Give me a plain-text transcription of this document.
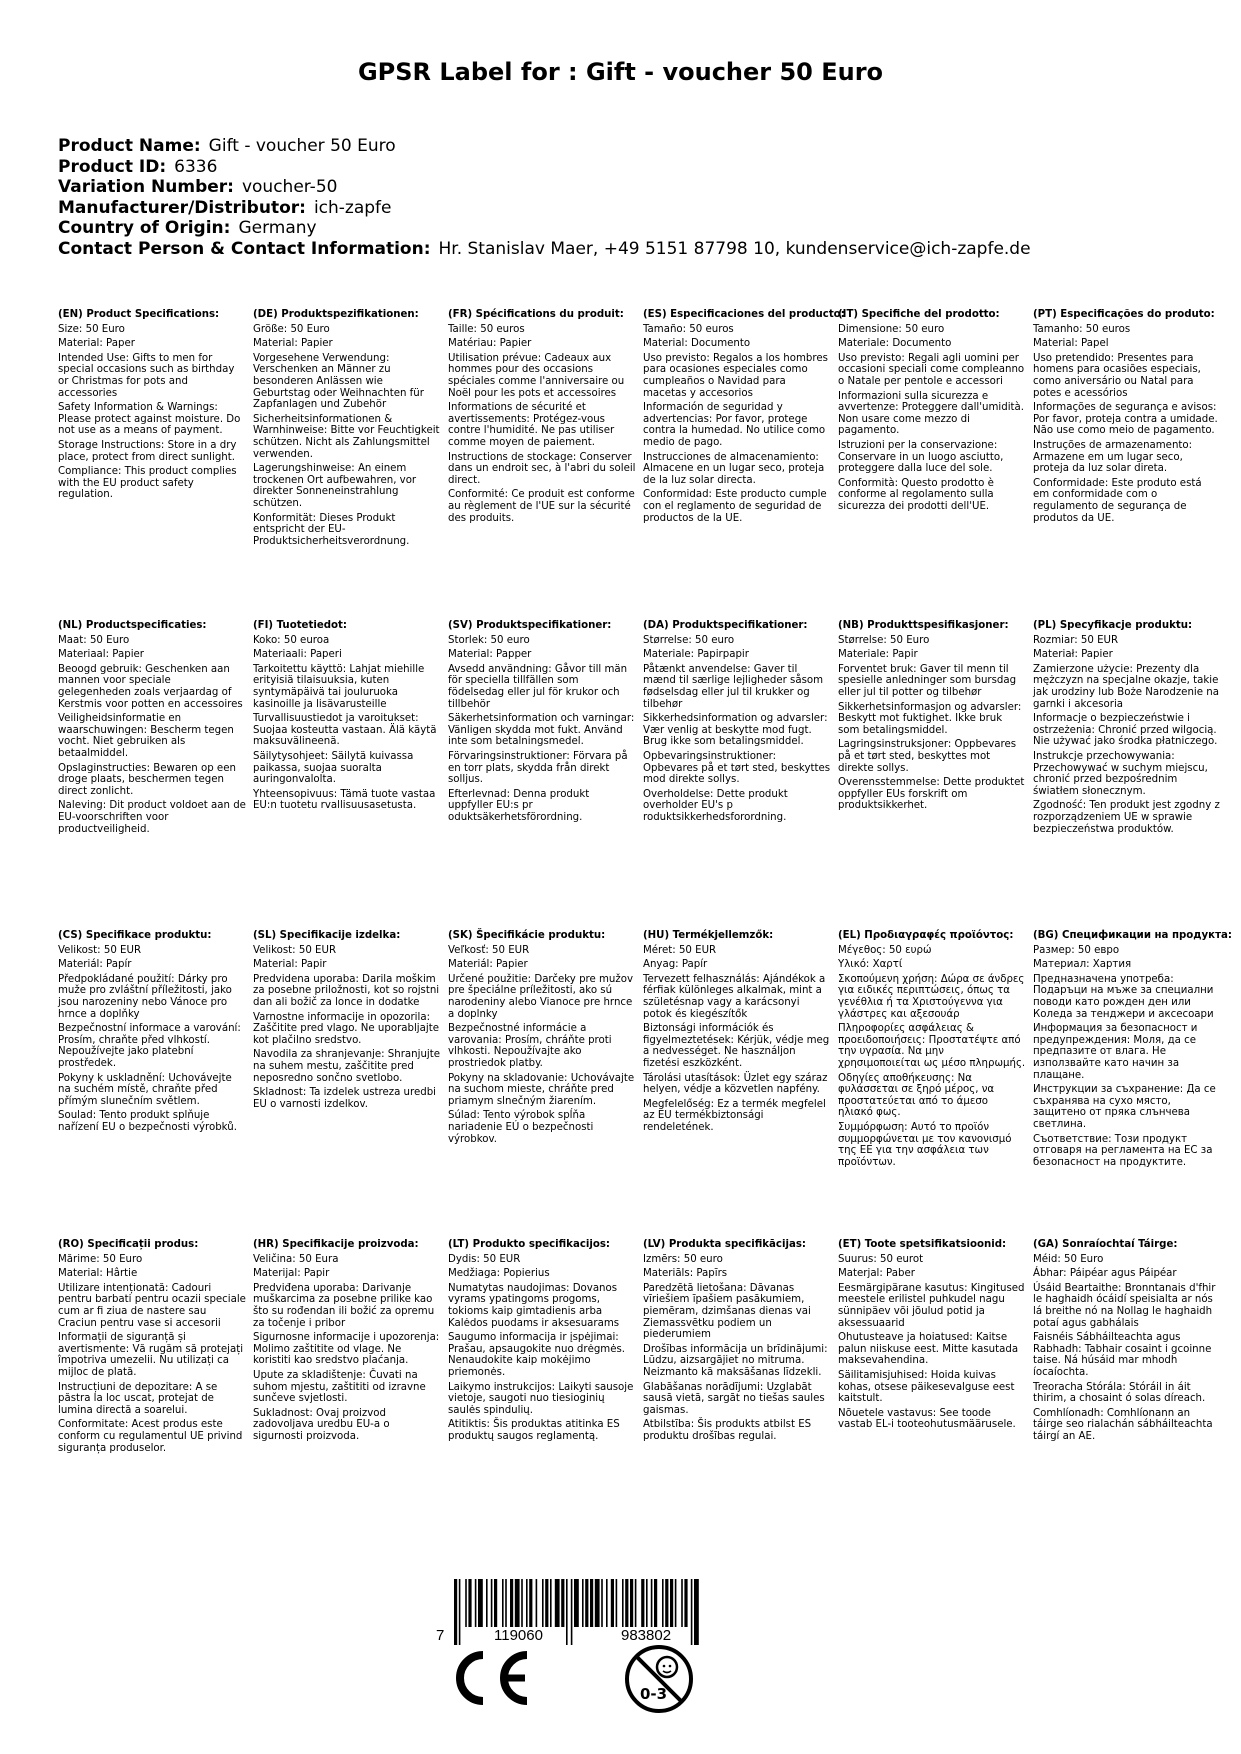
GPSR Label for : Gift - voucher 50 Euro
Product Name: Gift - voucher 50 Euro
Product ID: 6336
Variation Number: voucher-50
Manufacturer/Distributor: ich-zapfe
Country of Origin: Germany
Contact Person & Contact Information: Hr. Stanislav Maer, +49 5151 87798 10, kundenservice@ich-zapfe.de
(EN) Product Specifications:
Size: 50 Euro
Material: Paper
Intended Use: Gifts to men for special occasions such as birthday or Christmas for pots and accessories
Safety Information & Warnings: Please protect against moisture. Do not use as a means of payment.
Storage Instructions: Store in a dry place, protect from direct sunlight.
Compliance: This product complies with the EU product safety regulation.
(DE) Produktspezifikationen:
Größe: 50 Euro
Material: Papier
Vorgesehene Verwendung: Verschenken an Männer zu besonderen Anlässen wie Geburtstag oder Weihnachten für Zapfanlagen und Zubehör
Sicherheitsinformationen & Warnhinweise: Bitte vor Feuchtigkeit schützen. Nicht als Zahlungsmittel verwenden.
Lagerungshinweise: An einem trockenen Ort aufbewahren, vor direkter Sonneneinstrahlung schützen.
Konformität: Dieses Produkt entspricht der EU-Produktsicherheitsverordnung.
(FR) Spécifications du produit:
Taille: 50 euros
Matériau: Papier
Utilisation prévue: Cadeaux aux hommes pour des occasions spéciales comme l'anniversaire ou Noël pour les pots et accessoires
Informations de sécurité et avertissements: Protégez-vous contre l'humidité. Ne pas utiliser comme moyen de paiement.
Instructions de stockage: Conserver dans un endroit sec, à l'abri du soleil direct.
Conformité: Ce produit est conforme au règlement de l'UE sur la sécurité des produits.
(ES) Especificaciones del producto:
Tamaño: 50 euros
Material: Documento
Uso previsto: Regalos a los hombres para ocasiones especiales como cumpleaños o Navidad para macetas y accesorios
Información de seguridad y advertencias: Por favor, protege contra la humedad. No utilice como medio de pago.
Instrucciones de almacenamiento: Almacene en un lugar seco, proteja de la luz solar directa.
Conformidad: Este producto cumple con el reglamento de seguridad de productos de la UE.
(IT) Specifiche del prodotto:
Dimensione: 50 euro
Materiale: Documento
Uso previsto: Regali agli uomini per occasioni speciali come compleanno o Natale per pentole e accessori
Informazioni sulla sicurezza e avvertenze: Proteggere dall'umidità. Non usare come mezzo di pagamento.
Istruzioni per la conservazione: Conservare in un luogo asciutto, proteggere dalla luce del sole.
Conformità: Questo prodotto è conforme al regolamento sulla sicurezza dei prodotti dell'UE.
(PT) Especificações do produto:
Tamanho: 50 euros
Material: Papel
Uso pretendido: Presentes para homens para ocasiões especiais, como aniversário ou Natal para potes e acessórios
Informações de segurança e avisos: Por favor, proteja contra a umidade. Não use como meio de pagamento.
Instruções de armazenamento: Armazene em um lugar seco, proteja da luz solar direta.
Conformidade: Este produto está em conformidade com o regulamento de segurança de produtos da UE.
(NL) Productspecificaties:
Maat: 50 Euro
Materiaal: Papier
Beoogd gebruik: Geschenken aan mannen voor speciale gelegenheden zoals verjaardag of Kerstmis voor potten en accessoires
Veiligheidsinformatie en waarschuwingen: Bescherm tegen vocht. Niet gebruiken als betaalmiddel.
Opslaginstructies: Bewaren op een droge plaats, beschermen tegen direct zonlicht.
Naleving: Dit product voldoet aan de EU-voorschriften voor productveiligheid.
(FI) Tuotetiedot:
Koko: 50 euroa
Materiaali: Paperi
Tarkoitettu käyttö: Lahjat miehille erityisiä tilaisuuksia, kuten syntymäpäivä tai jouluruoka kasinoille ja lisävarusteille
Turvallisuustiedot ja varoitukset: Suojaa kosteutta vastaan. Älä käytä maksuvälineenä.
Säilytysohjeet: Säilytä kuivassa paikassa, suojaa suoralta auringonvalolta.
Yhteensopivuus: Tämä tuote vastaa EU:n tuotetu rvallisuusasetusta.
(SV) Produktspecifikationer:
Storlek: 50 euro
Material: Papper
Avsedd användning: Gåvor till män för speciella tillfällen som födelsedag eller jul för krukor och tillbehör
Säkerhetsinformation och varningar: Vänligen skydda mot fukt. Använd inte som betalningsmedel.
Förvaringsinstruktioner: Förvara på en torr plats, skydda från direkt solljus.
Efterlevnad: Denna produkt uppfyller EU:s pr oduktsäkerhetsförordning.
(DA) Produktspecifikationer:
Størrelse: 50 euro
Materiale: Papirpapir
Påtænkt anvendelse: Gaver til mænd til særlige lejligheder såsom fødselsdag eller jul til krukker og tilbehør
Sikkerhedsinformation og advarsler: Vær venlig at beskytte mod fugt. Brug ikke som betalingsmiddel.
Opbevaringsinstruktioner: Opbevares på et tørt sted, beskyttes mod direkte sollys.
Overholdelse: Dette produkt overholder EU's p roduktsikkerhedsforordning.
(NB) Produkttspesifikasjoner:
Størrelse: 50 Euro
Materiale: Papir
Forventet bruk: Gaver til menn til spesielle anledninger som bursdag eller jul til potter og tilbehør
Sikkerhetsinformasjon og advarsler: Beskytt mot fuktighet. Ikke bruk som betalingsmiddel.
Lagringsinstruksjoner: Oppbevares på et tørt sted, beskyttes mot direkte sollys.
Overensstemmelse: Dette produktet oppfyller EUs forskrift om produktsikkerhet.
(PL) Specyfikacje produktu:
Rozmiar: 50 EUR
Materiał: Papier
Zamierzone użycie: Prezenty dla mężczyzn na specjalne okazje, takie jak urodziny lub Boże Narodzenie na garnki i akcesoria
Informacje o bezpieczeństwie i ostrzeżenia: Chronić przed wilgocią. Nie używać jako środka płatniczego.
Instrukcje przechowywania: Przechowywać w suchym miejscu, chronić przed bezpośrednim światłem słonecznym.
Zgodność: Ten produkt jest zgodny z rozporządzeniem UE w sprawie bezpieczeństwa produktów.
(CS) Specifikace produktu:
Velikost: 50 EUR
Materiál: Papír
Předpokládané použití: Dárky pro muže pro zvláštní příležitosti, jako jsou narozeniny nebo Vánoce pro hrnce a doplňky
Bezpečnostní informace a varování: Prosím, chraňte před vlhkostí. Nepoužívejte jako platební prostředek.
Pokyny k uskladnění: Uchovávejte na suchém místě, chraňte před přímým slunečním světlem.
Soulad: Tento produkt splňuje nařízení EU o bezpečnosti výrobků.
(SL) Specifikacije izdelka:
Velikost: 50 EUR
Material: Papir
Predvidena uporaba: Darila moškim za posebne priložnosti, kot so rojstni dan ali božič za lonce in dodatke
Varnostne informacije in opozorila: Zaščitite pred vlago. Ne uporabljajte kot plačilno sredstvo.
Navodila za shranjevanje: Shranjujte na suhem mestu, zaščitite pred neposredno sončno svetlobo.
Skladnost: Ta izdelek ustreza uredbi EU o varnosti izdelkov.
(SK) Špecifikácie produktu:
Veľkosť: 50 EUR
Materiál: Papier
Určené použitie: Darčeky pre mužov pre špeciálne príležitosti, ako sú narodeniny alebo Vianoce pre hrnce a doplnky
Bezpečnostné informácie a varovania: Prosím, chráňte proti vlhkosti. Nepoužívajte ako prostriedok platby.
Pokyny na skladovanie: Uchovávajte na suchom mieste, chráňte pred priamym slnečným žiarením.
Súlad: Tento výrobok spĺňa nariadenie EÚ o bezpečnosti výrobkov.
(HU) Termékjellemzők:
Méret: 50 EUR
Anyag: Papír
Tervezett felhasználás: Ajándékok a férfiak különleges alkalmak, mint a születésnap vagy a karácsonyi potok és kiegészítők
Biztonsági információk és figyelmeztetések: Kérjük, védje meg a nedvességet. Ne használjon fizetési eszközként.
Tárolási utasítások: Üzlet egy száraz helyen, védje a közvetlen napfény.
Megfelelőség: Ez a termék megfelel az EU termékbiztonsági rendeletének.
(EL) Προδιαγραφές προϊόντος:
Μέγεθος: 50 ευρώ
Υλικό: Χαρτί
Σκοπούμενη χρήση: Δώρα σε άνδρες για ειδικές περιπτώσεις, όπως τα γενέθλια ή τα Χριστούγεννα για γλάστρες και αξεσουάρ
Πληροφορίες ασφάλειας & προειδοποιήσεις: Προστατέψτε από την υγρασία. Να μην χρησιμοποιείται ως μέσο πληρωμής.
Οδηγίες αποθήκευσης: Να φυλάσσεται σε ξηρό μέρος, να προστατεύεται από το άμεσο ηλιακό φως.
Συμμόρφωση: Αυτό το προϊόν συμμορφώνεται με τον κανονισμό της ΕΕ για την ασφάλεια των προϊόντων.
(BG) Спецификации на продукта:
Размер: 50 евро
Материал: Хартия
Предназначена употреба: Подаръци на мъже за специални поводи като рожден ден или Коледа за тенджери и аксесоари
Информация за безопасност и предупреждения: Моля, да се предпазите от влага. Не използвайте като начин за плащане.
Инструкции за съхранение: Да се съхранява на сухо място, защитено от пряка слънчева светлина.
Съответствие: Този продукт отговаря на регламента на ЕС за безопасност на продуктите.
(RO) Specificații produs:
Mărime: 50 Euro
Material: Hârtie
Utilizare intenționată: Cadouri pentru barbati pentru ocazii speciale cum ar fi ziua de nastere sau Craciun pentru vase si accesorii
Informații de siguranță și avertismente: Vă rugăm să protejați împotriva umezelii. Nu utilizați ca mijloc de plată.
Instrucțiuni de depozitare: A se păstra la loc uscat, protejat de lumina directă a soarelui.
Conformitate: Acest produs este conform cu regulamentul UE privind siguranța produselor.
(HR) Specifikacije proizvoda:
Veličina: 50 Eura
Materijal: Papir
Predviđena uporaba: Darivanje muškarcima za posebne prilike kao što su rođendan ili božić za opremu za točenje i pribor
Sigurnosne informacije i upozorenja: Molimo zaštitite od vlage. Ne koristiti kao sredstvo plaćanja.
Upute za skladištenje: Čuvati na suhom mjestu, zaštititi od izravne sunčeve svjetlosti.
Sukladnost: Ovaj proizvod zadovoljava uredbu EU-a o sigurnosti proizvoda.
(LT) Produkto specifikacijos:
Dydis: 50 EUR
Medžiaga: Popierius
Numatytas naudojimas: Dovanos vyrams ypatingoms progoms, tokioms kaip gimtadienis arba Kalėdos puodams ir aksesuarams
Saugumo informacija ir įspėjimai: Prašau, apsaugokite nuo drėgmės. Nenaudokite kaip mokėjimo priemonės.
Laikymo instrukcijos: Laikyti sausoje vietoje, saugoti nuo tiesioginių saulės spindulių.
Atitiktis: Šis produktas atitinka ES produktų saugos reglamentą.
(LV) Produkta specifikācijas:
Izmērs: 50 euro
Materiāls: Papīrs
Paredzētā lietošana: Dāvanas vīriešiem īpašiem pasākumiem, piemēram, dzimšanas dienas vai Ziemassvētku podiem un piederumiem
Drošības informācija un brīdinājumi: Lūdzu, aizsargājiet no mitruma. Neizmanto kā maksāšanas līdzekli.
Glabāšanas norādījumi: Uzglabāt sausā vietā, sargāt no tiešas saules gaismas.
Atbilstība: Šis produkts atbilst ES produktu drošības regulai.
(ET) Toote spetsifikatsioonid:
Suurus: 50 eurot
Materjal: Paber
Eesmärgipärane kasutus: Kingitused meestele erilistel puhkudel nagu sünnipäev või jõulud potid ja aksessuaarid
Ohutusteave ja hoiatused: Kaitse palun niiskuse eest. Mitte kasutada maksevahendina.
Säilitamisjuhised: Hoida kuivas kohas, otsese päikesevalguse eest kaitstult.
Nõuetele vastavus: See toode vastab EL-i tooteohutusmäärusele.
(GA) Sonraíochtaí Táirge:
Méid: 50 Euro
Ábhar: Páipéar agus Páipéar
Úsáid Beartaithe: Bronntanais d'fhir le haghaidh ócáidí speisialta ar nós lá breithe nó na Nollag le haghaidh potaí agus gabhálais
Faisnéis Sábháilteachta agus Rabhadh: Tabhair cosaint i gcoinne taise. Ná húsáid mar mhodh íocaíochta.
Treoracha Stórála: Stóráil in áit thirim, a chosaint ó solas díreach.
Comhlíonadh: Comhlíonann an táirge seo rialachán sábháilteachta táirgí an AE.
7	119060	983802
0-3
